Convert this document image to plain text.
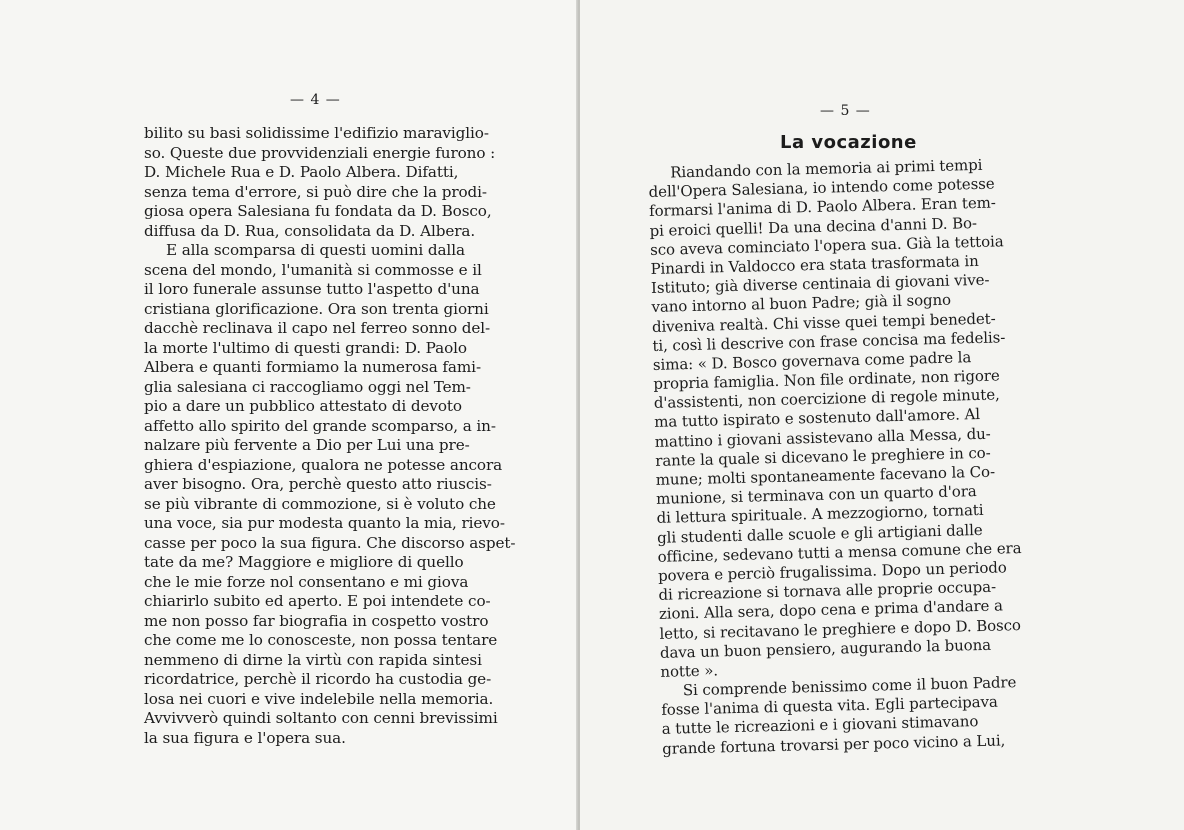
— 4 —
bilito su basi solidissime l'edifizio maraviglio-
so. Queste due provvidenziali energie furono :
D. Michele Rua e D. Paolo Albera. Difatti,
senza tema d'errore, si può dire che la prodi-
giosa opera Salesiana fu fondata da D. Bosco,
diffusa da D. Rua, consolidata da D. Albera.
E alla scomparsa di questi uomini dalla
scena del mondo, l'umanità si commosse e il
il loro funerale assunse tutto l'aspetto d'una
cristiana glorificazione. Ora son trenta giorni
dacchè reclinava il capo nel ferreo sonno del-
la morte l'ultimo di questi grandi: D. Paolo
Albera e quanti formiamo la numerosa fami-
glia salesiana ci raccogliamo oggi nel Tem-
pio a dare un pubblico attestato di devoto
affetto allo spirito del grande scomparso, a in-
nalzare più fervente a Dio per Lui una pre-
ghiera d'espiazione, qualora ne potesse ancora
aver bisogno. Ora, perchè questo atto riuscis-
se più vibrante di commozione, si è voluto che
una voce, sia pur modesta quanto la mia, rievo-
casse per poco la sua figura. Che discorso aspet-
tate da me? Maggiore e migliore di quello
che le mie forze nol consentano e mi giova
chiarirlo subito ed aperto. E poi intendete co-
me non posso far biografia in cospetto vostro
che come me lo conosceste, non possa tentare
nemmeno di dirne la virtù con rapida sintesi
ricordatrice, perchè il ricordo ha custodia ge-
losa nei cuori e vive indelebile nella memoria.
Avvivverò quindi soltanto con cenni brevissimi
la sua figura e l'opera sua.
— 5 —
La vocazione
Riandando con la memoria ai primi tempi
dell'Opera Salesiana, io intendo come potesse
formarsi l'anima di D. Paolo Albera. Eran tem-
pi eroici quelli! Da una decina d'anni D. Bo-
sco aveva cominciato l'opera sua. Già la tettoia
Pinardi in Valdocco era stata trasformata in
Istituto; già diverse centinaia di giovani vive-
vano intorno al buon Padre; già il sogno
diveniva realtà. Chi visse quei tempi benedet-
ti, così li descrive con frase concisa ma fedelis-
sima: « D. Bosco governava come padre la
propria famiglia. Non file ordinate, non rigore
d'assistenti, non coercizione di regole minute,
ma tutto ispirato e sostenuto dall'amore. Al
mattino i giovani assistevano alla Messa, du-
rante la quale si dicevano le preghiere in co-
mune; molti spontaneamente facevano la Co-
munione, si terminava con un quarto d'ora
di lettura spirituale. A mezzogiorno, tornati
gli studenti dalle scuole e gli artigiani dalle
officine, sedevano tutti a mensa comune che era
povera e perciò frugalissima. Dopo un periodo
di ricreazione si tornava alle proprie occupa-
zioni. Alla sera, dopo cena e prima d'andare a
letto, si recitavano le preghiere e dopo D. Bosco
dava un buon pensiero, augurando la buona
notte ».
Si comprende benissimo come il buon Padre
fosse l'anima di questa vita. Egli partecipava
a tutte le ricreazioni e i giovani stimavano
grande fortuna trovarsi per poco vicino a Lui,
